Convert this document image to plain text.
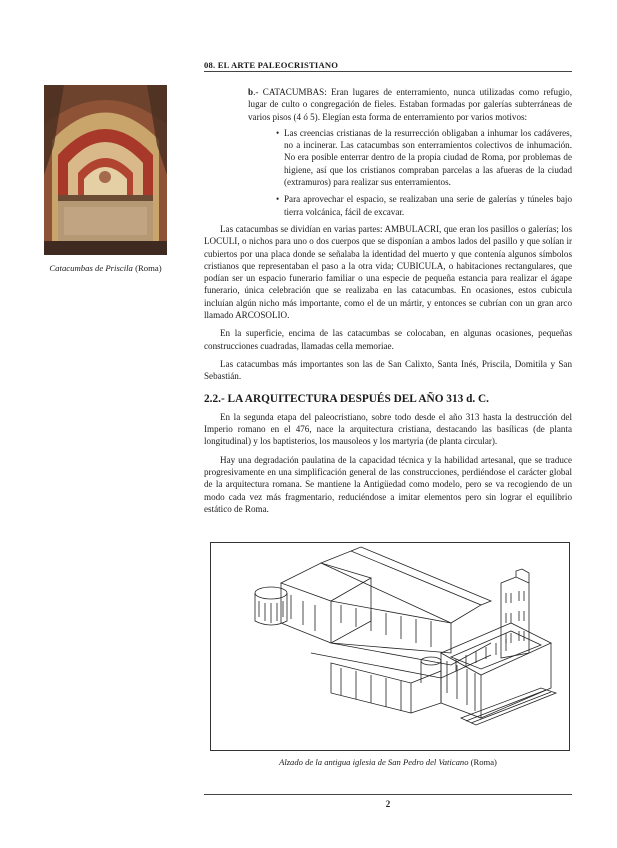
08. EL ARTE PALEOCRISTIANO
Catacumbas de Priscila (Roma)

b.- CATACUMBAS: Eran lugares de enterramiento, nunca utilizadas como refugio, lugar de culto o congregación de fieles. Estaban formadas por galerías subterráneas de varios pisos (4 ó 5). Elegían esta forma de enterramiento por varios motivos:

• Las creencias cristianas de la resurrección obligaban a inhumar los cadáveres, no a incinerar. Las catacumbas son enterramientos colectivos de inhumación. No era posible enterrar dentro de la propia ciudad de Roma, por problemas de higiene, así que los cristianos compraban parcelas a las afueras de la ciudad (extramuros) para realizar sus enterramientos.
• Para aprovechar el espacio, se realizaban una serie de galerías y túneles bajo tierra volcánica, fácil de excavar.

Las catacumbas se dividían en varias partes: AMBULACRI, que eran los pasillos o galerías; los LOCULI, o nichos para uno o dos cuerpos que se disponían a ambos lados del pasillo y que solían ir cubiertos por una placa donde se señalaba la identidad del muerto y que contenía algunos símbolos cristianos que representaban el paso a la otra vida; CUBICULA, o habitaciones rectangulares, que podían ser un espacio funerario familiar o una especie de pequeña estancia para realizar el ágape funerario, única celebración que se realizaba en las catacumbas. En ocasiones, estos cubicula incluían algún nicho más importante, como el de un mártir, y entonces se cubrían con un gran arco llamado ARCOSOLIO.

En la superficie, encima de las catacumbas se colocaban, en algunas ocasiones, pequeñas construcciones cuadradas, llamadas cella memoriae.

Las catacumbas más importantes son las de San Calixto, Santa Inés, Priscila, Domitila y San Sebastián.

2.2.- LA ARQUITECTURA DESPUÉS DEL AÑO 313 d. C.

En la segunda etapa del paleocristiano, sobre todo desde el año 313 hasta la destrucción del Imperio romano en el 476, nace la arquitectura cristiana, destacando las basílicas (de planta longitudinal) y los baptisterios, los mausoleos y los martyria (de planta circular).

Hay una degradación paulatina de la capacidad técnica y la habilidad artesanal, que se traduce progresivamente en una simplificación general de las construcciones, perdiéndose el carácter global de la arquitectura romana. Se mantiene la Antigüedad como modelo, pero se va recogiendo de un modo cada vez más fragmentario, reduciéndose a imitar elementos pero sin lograr el equilibrio estático de Roma.

Alzado de la antigua iglesia de San Pedro del Vaticano (Roma)
2
